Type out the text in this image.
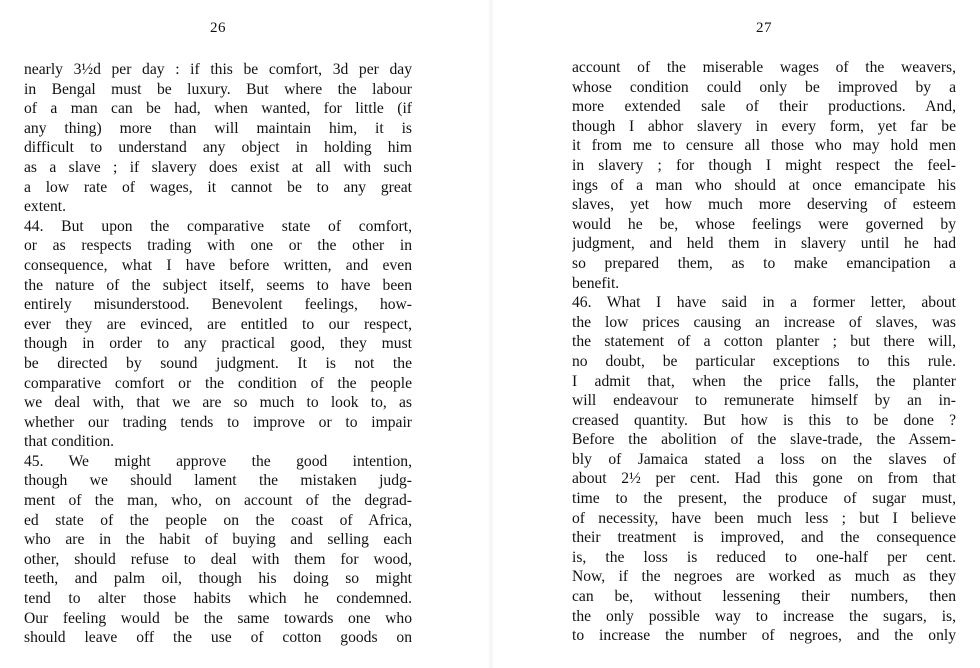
26
nearly 3½d per day : if this be comfort, 3d per day
in Bengal must be luxury. But where the labour
of a man can be had, when wanted, for little (if
any thing) more than will maintain him, it is
difficult to understand any object in holding him
as a slave ; if slavery does exist at all with such
a low rate of wages, it cannot be to any great
extent.
44. But upon the comparative state of comfort,
or as respects trading with one or the other in
consequence, what I have before written, and even
the nature of the subject itself, seems to have been
entirely misunderstood. Benevolent feelings, how-
ever they are evinced, are entitled to our respect,
though in order to any practical good, they must
be directed by sound judgment. It is not the
comparative comfort or the condition of the people
we deal with, that we are so much to look to, as
whether our trading tends to improve or to impair
that condition.
45. We might approve the good intention,
though we should lament the mistaken judg-
ment of the man, who, on account of the degrad-
ed state of the people on the coast of Africa,
who are in the habit of buying and selling each
other, should refuse to deal with them for wood,
teeth, and palm oil, though his doing so might
tend to alter those habits which he condemned.
Our feeling would be the same towards one who
should leave off the use of cotton goods on
27
account of the miserable wages of the weavers,
whose condition could only be improved by a
more extended sale of their productions. And,
though I abhor slavery in every form, yet far be
it from me to censure all those who may hold men
in slavery ; for though I might respect the feel-
ings of a man who should at once emancipate his
slaves, yet how much more deserving of esteem
would he be, whose feelings were governed by
judgment, and held them in slavery until he had
so prepared them, as to make emancipation a
benefit.
46. What I have said in a former letter, about
the low prices causing an increase of slaves, was
the statement of a cotton planter ; but there will,
no doubt, be particular exceptions to this rule.
I admit that, when the price falls, the planter
will endeavour to remunerate himself by an in-
creased quantity. But how is this to be done ?
Before the abolition of the slave-trade, the Assem-
bly of Jamaica stated a loss on the slaves of
about 2½ per cent. Had this gone on from that
time to the present, the produce of sugar must,
of necessity, have been much less ; but I believe
their treatment is improved, and the consequence
is, the loss is reduced to one-half per cent.
Now, if the negroes are worked as much as they
can be, without lessening their numbers, then
the only possible way to increase the sugars, is,
to increase the number of negroes, and the only
